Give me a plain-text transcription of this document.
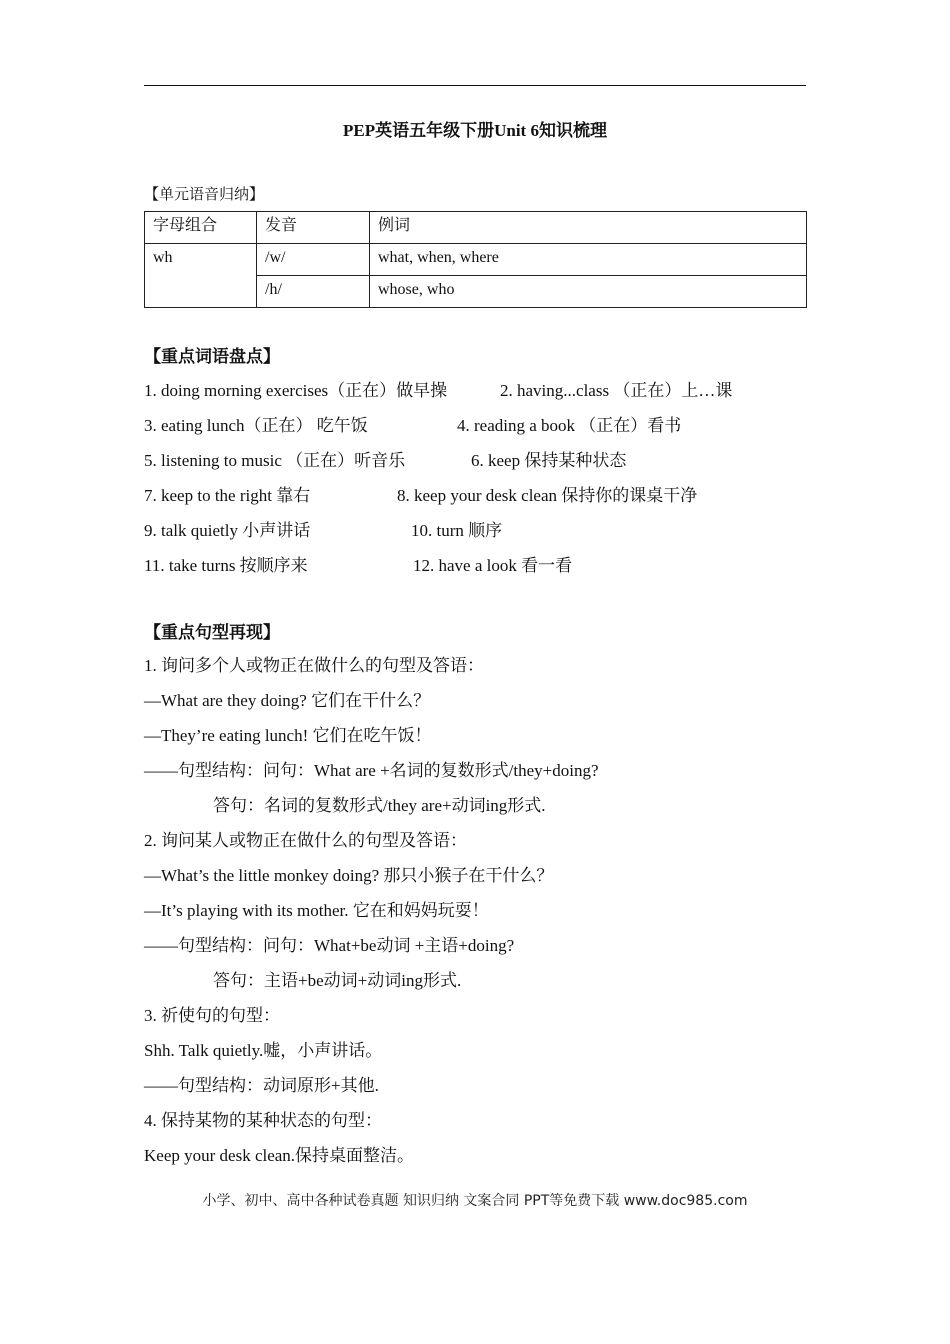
PEP英语五年级下册Unit 6知识梳理
【单元语音归纳】
字母组合	发音	例词
wh	/w/	what, when, where
	/h/	whose, who
【重点词语盘点】
1. doing morning exercises（正在）做早操	2. having...class （正在）上…课
3. eating lunch（正在） 吃午饭	4. reading a book （正在）看书
5. listening to music （正在）听音乐	6. keep 保持某种状态
7. keep to the right 靠右	8. keep your desk clean 保持你的课桌干净
9. talk quietly 小声讲话	10. turn 顺序
11. take turns 按顺序来	12. have a look 看一看
【重点句型再现】
1. 询问多个人或物正在做什么的句型及答语：
—What are they doing? 它们在干什么？
—They’re eating lunch! 它们在吃午饭！
——句型结构：问句：What are +名词的复数形式/they+doing?
答句：名词的复数形式/they are+动词ing形式.
2. 询问某人或物正在做什么的句型及答语：
—What’s the little monkey doing? 那只小猴子在干什么？
—It’s playing with its mother. 它在和妈妈玩耍！
——句型结构：问句：What+be动词 +主语+doing?
答句：主语+be动词+动词ing形式.
3. 祈使句的句型：
Shh. Talk quietly.嘘，小声讲话。
——句型结构：动词原形+其他.
4. 保持某物的某种状态的句型：
Keep your desk clean.保持桌面整洁。
小学、初中、高中各种试卷真题 知识归纳 文案合同 PPT等免费下载 www.doc985.com
